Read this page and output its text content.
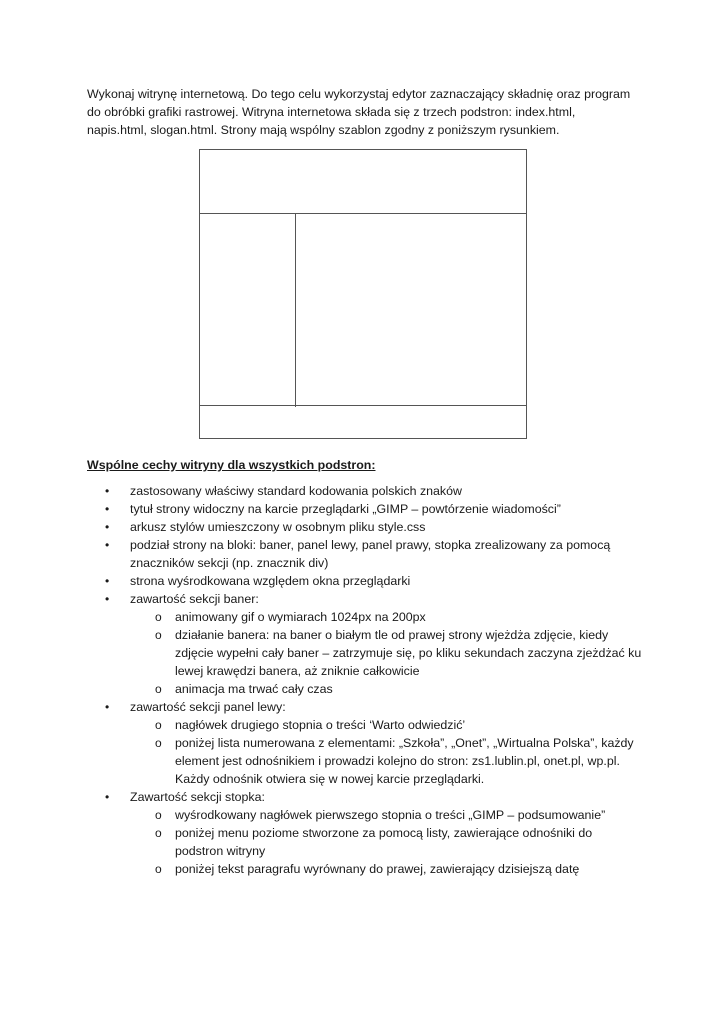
Wykonaj witrynę internetową. Do tego celu wykorzystaj edytor zaznaczający składnię oraz program
do obróbki grafiki rastrowej. Witryna internetowa składa się z trzech podstron: index.html,
napis.html, slogan.html. Strony mają wspólny szablon zgodny z poniższym rysunkiem.

Wspólne cechy witryny dla wszystkich podstron:
• zastosowany właściwy standard kodowania polskich znaków
• tytuł strony widoczny na karcie przeglądarki „GIMP – powtórzenie wiadomości”
• arkusz stylów umieszczony w osobnym pliku style.css
• podział strony na bloki: baner, panel lewy, panel prawy, stopka zrealizowany za pomocą
znaczników sekcji (np. znacznik div)
• strona wyśrodkowana względem okna przeglądarki
• zawartość sekcji baner:
o animowany gif o wymiarach 1024px na 200px
o działanie banera: na baner o białym tle od prawej strony wjeżdża zdjęcie, kiedy
zdjęcie wypełni cały baner – zatrzymuje się, po kliku sekundach zaczyna zjeżdżać ku
lewej krawędzi banera, aż zniknie całkowicie
o animacja ma trwać cały czas
• zawartość sekcji panel lewy:
o nagłówek drugiego stopnia o treści ‘Warto odwiedzić’
o poniżej lista numerowana z elementami: „Szkoła”, „Onet”, „Wirtualna Polska”, każdy
element jest odnośnikiem i prowadzi kolejno do stron: zs1.lublin.pl, onet.pl, wp.pl.
Każdy odnośnik otwiera się w nowej karcie przeglądarki.
• Zawartość sekcji stopka:
o wyśrodkowany nagłówek pierwszego stopnia o treści „GIMP – podsumowanie”
o poniżej menu poziome stworzone za pomocą listy, zawierające odnośniki do
podstron witryny
o poniżej tekst paragrafu wyrównany do prawej, zawierający dzisiejszą datę
